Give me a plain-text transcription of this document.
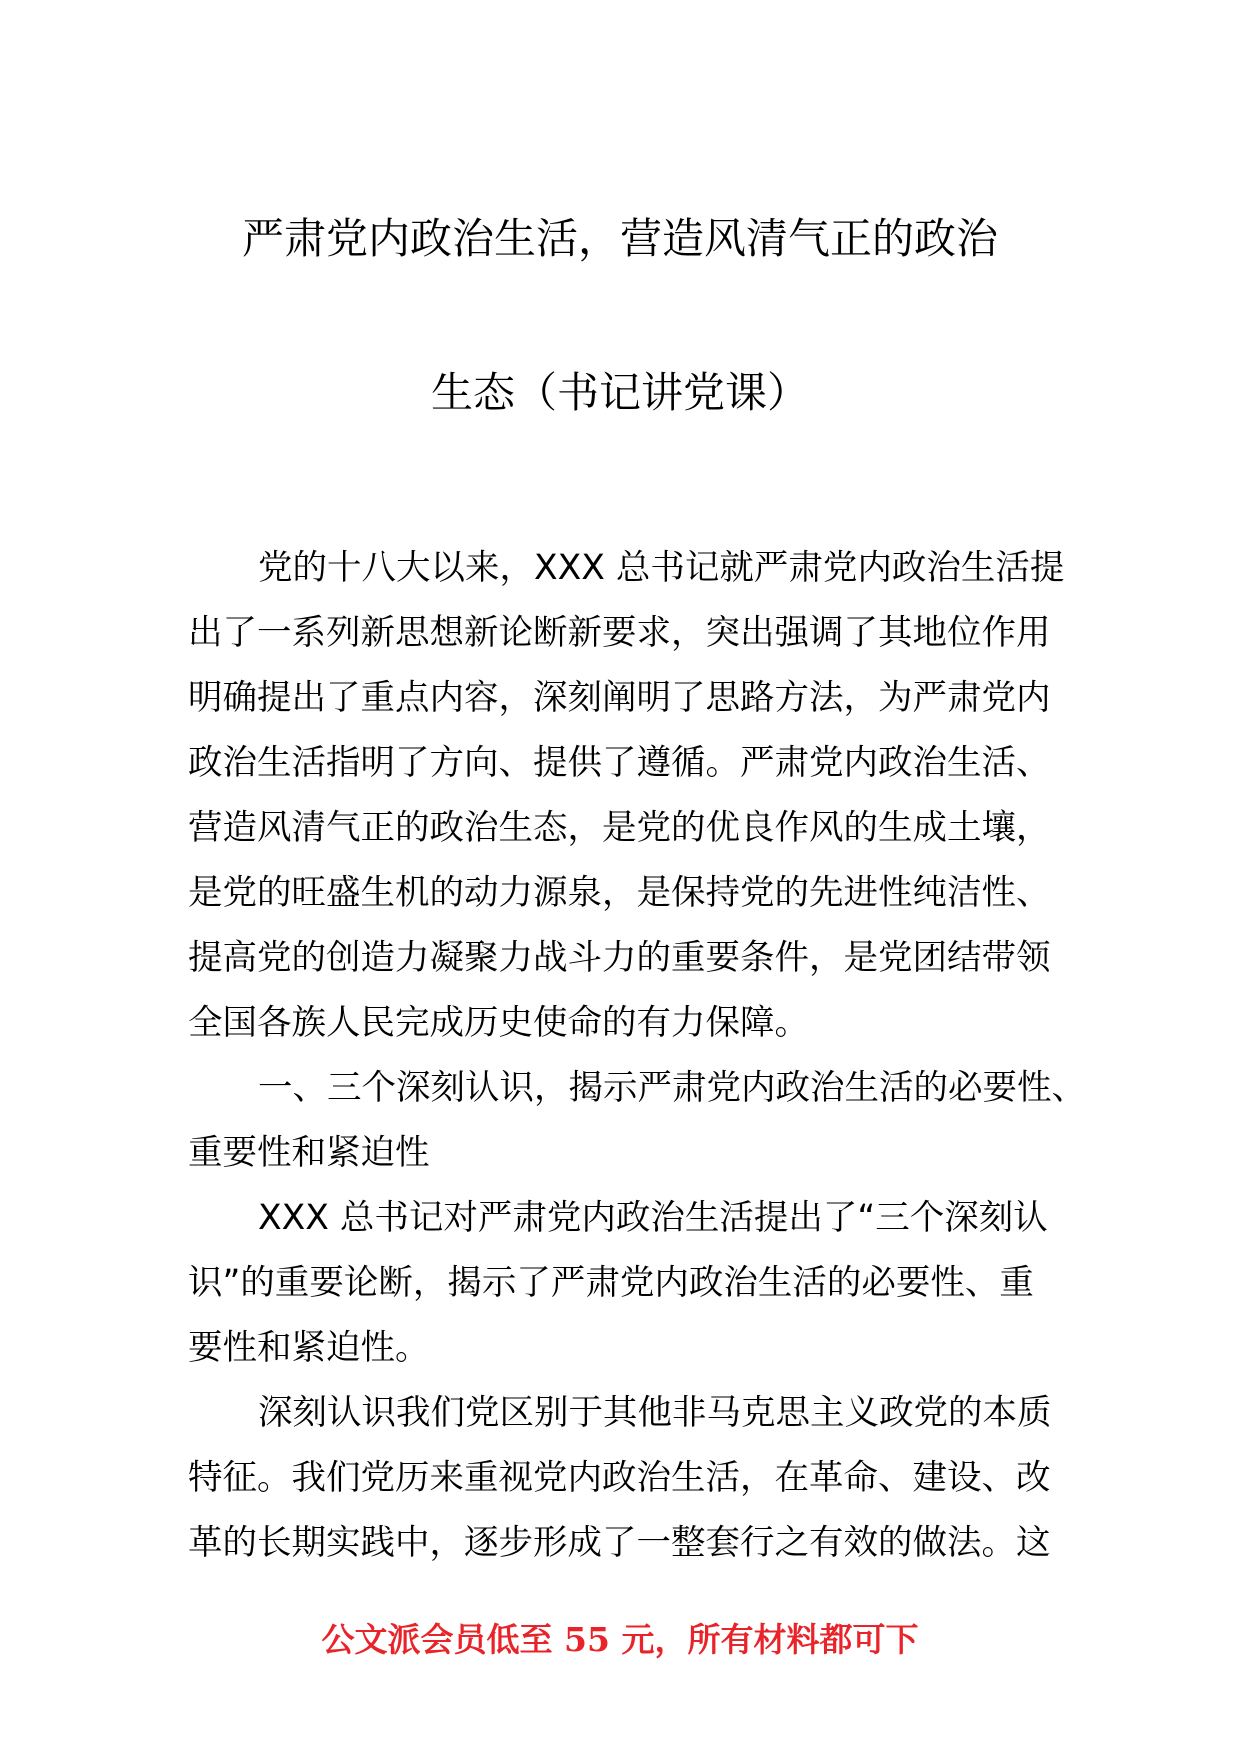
严肃党内政治生活，营造风清气正的政治
生态（书记讲党课）
党的十八大以来，XXX 总书记就严肃党内政治生活提
出了一系列新思想新论断新要求，突出强调了其地位作用
明确提出了重点内容，深刻阐明了思路方法，为严肃党内
政治生活指明了方向、提供了遵循。严肃党内政治生活、
营造风清气正的政治生态，是党的优良作风的生成土壤，
是党的旺盛生机的动力源泉，是保持党的先进性纯洁性、
提高党的创造力凝聚力战斗力的重要条件，是党团结带领
全国各族人民完成历史使命的有力保障。
一、三个深刻认识，揭示严肃党内政治生活的必要性、
重要性和紧迫性
XXX 总书记对严肃党内政治生活提出了“三个深刻认
识”的重要论断，揭示了严肃党内政治生活的必要性、重
要性和紧迫性。
深刻认识我们党区别于其他非马克思主义政党的本质
特征。我们党历来重视党内政治生活，在革命、建设、改
革的长期实践中，逐步形成了一整套行之有效的做法。这
公文派会员低至 55 元，所有材料都可下
